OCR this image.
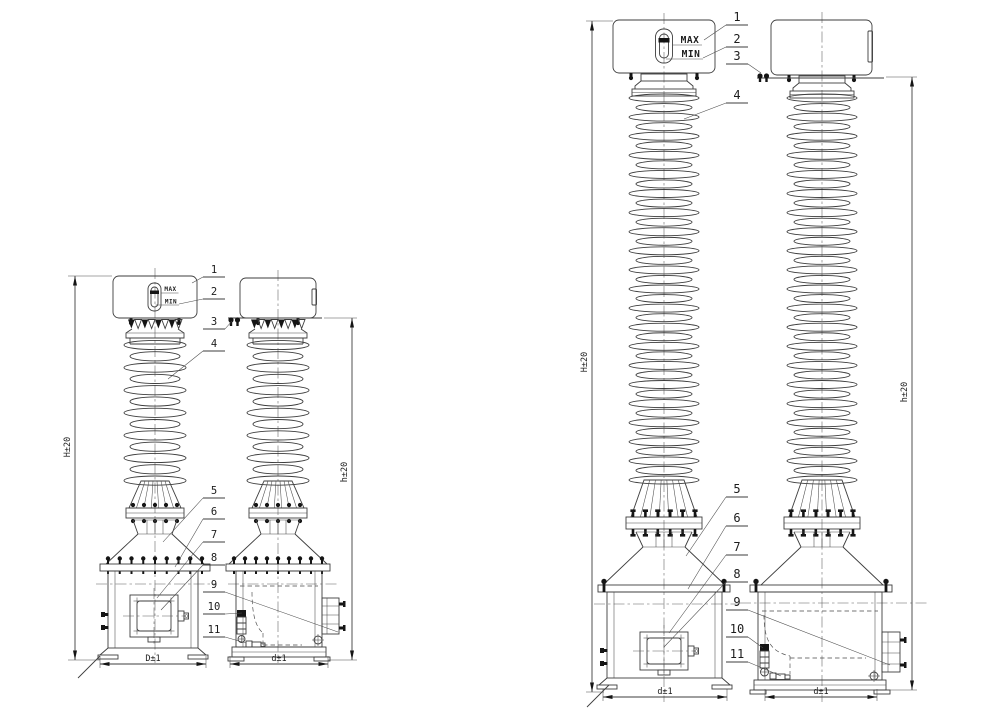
MAX
MIN
H±20
h±20
D±1	d±1
1
2
3
4
5
6
7
8
9
10
11
MAX
MIN
H±20
h±20
d±1	d±1
1
2
3
4
5
6
7
8
9
10
11
